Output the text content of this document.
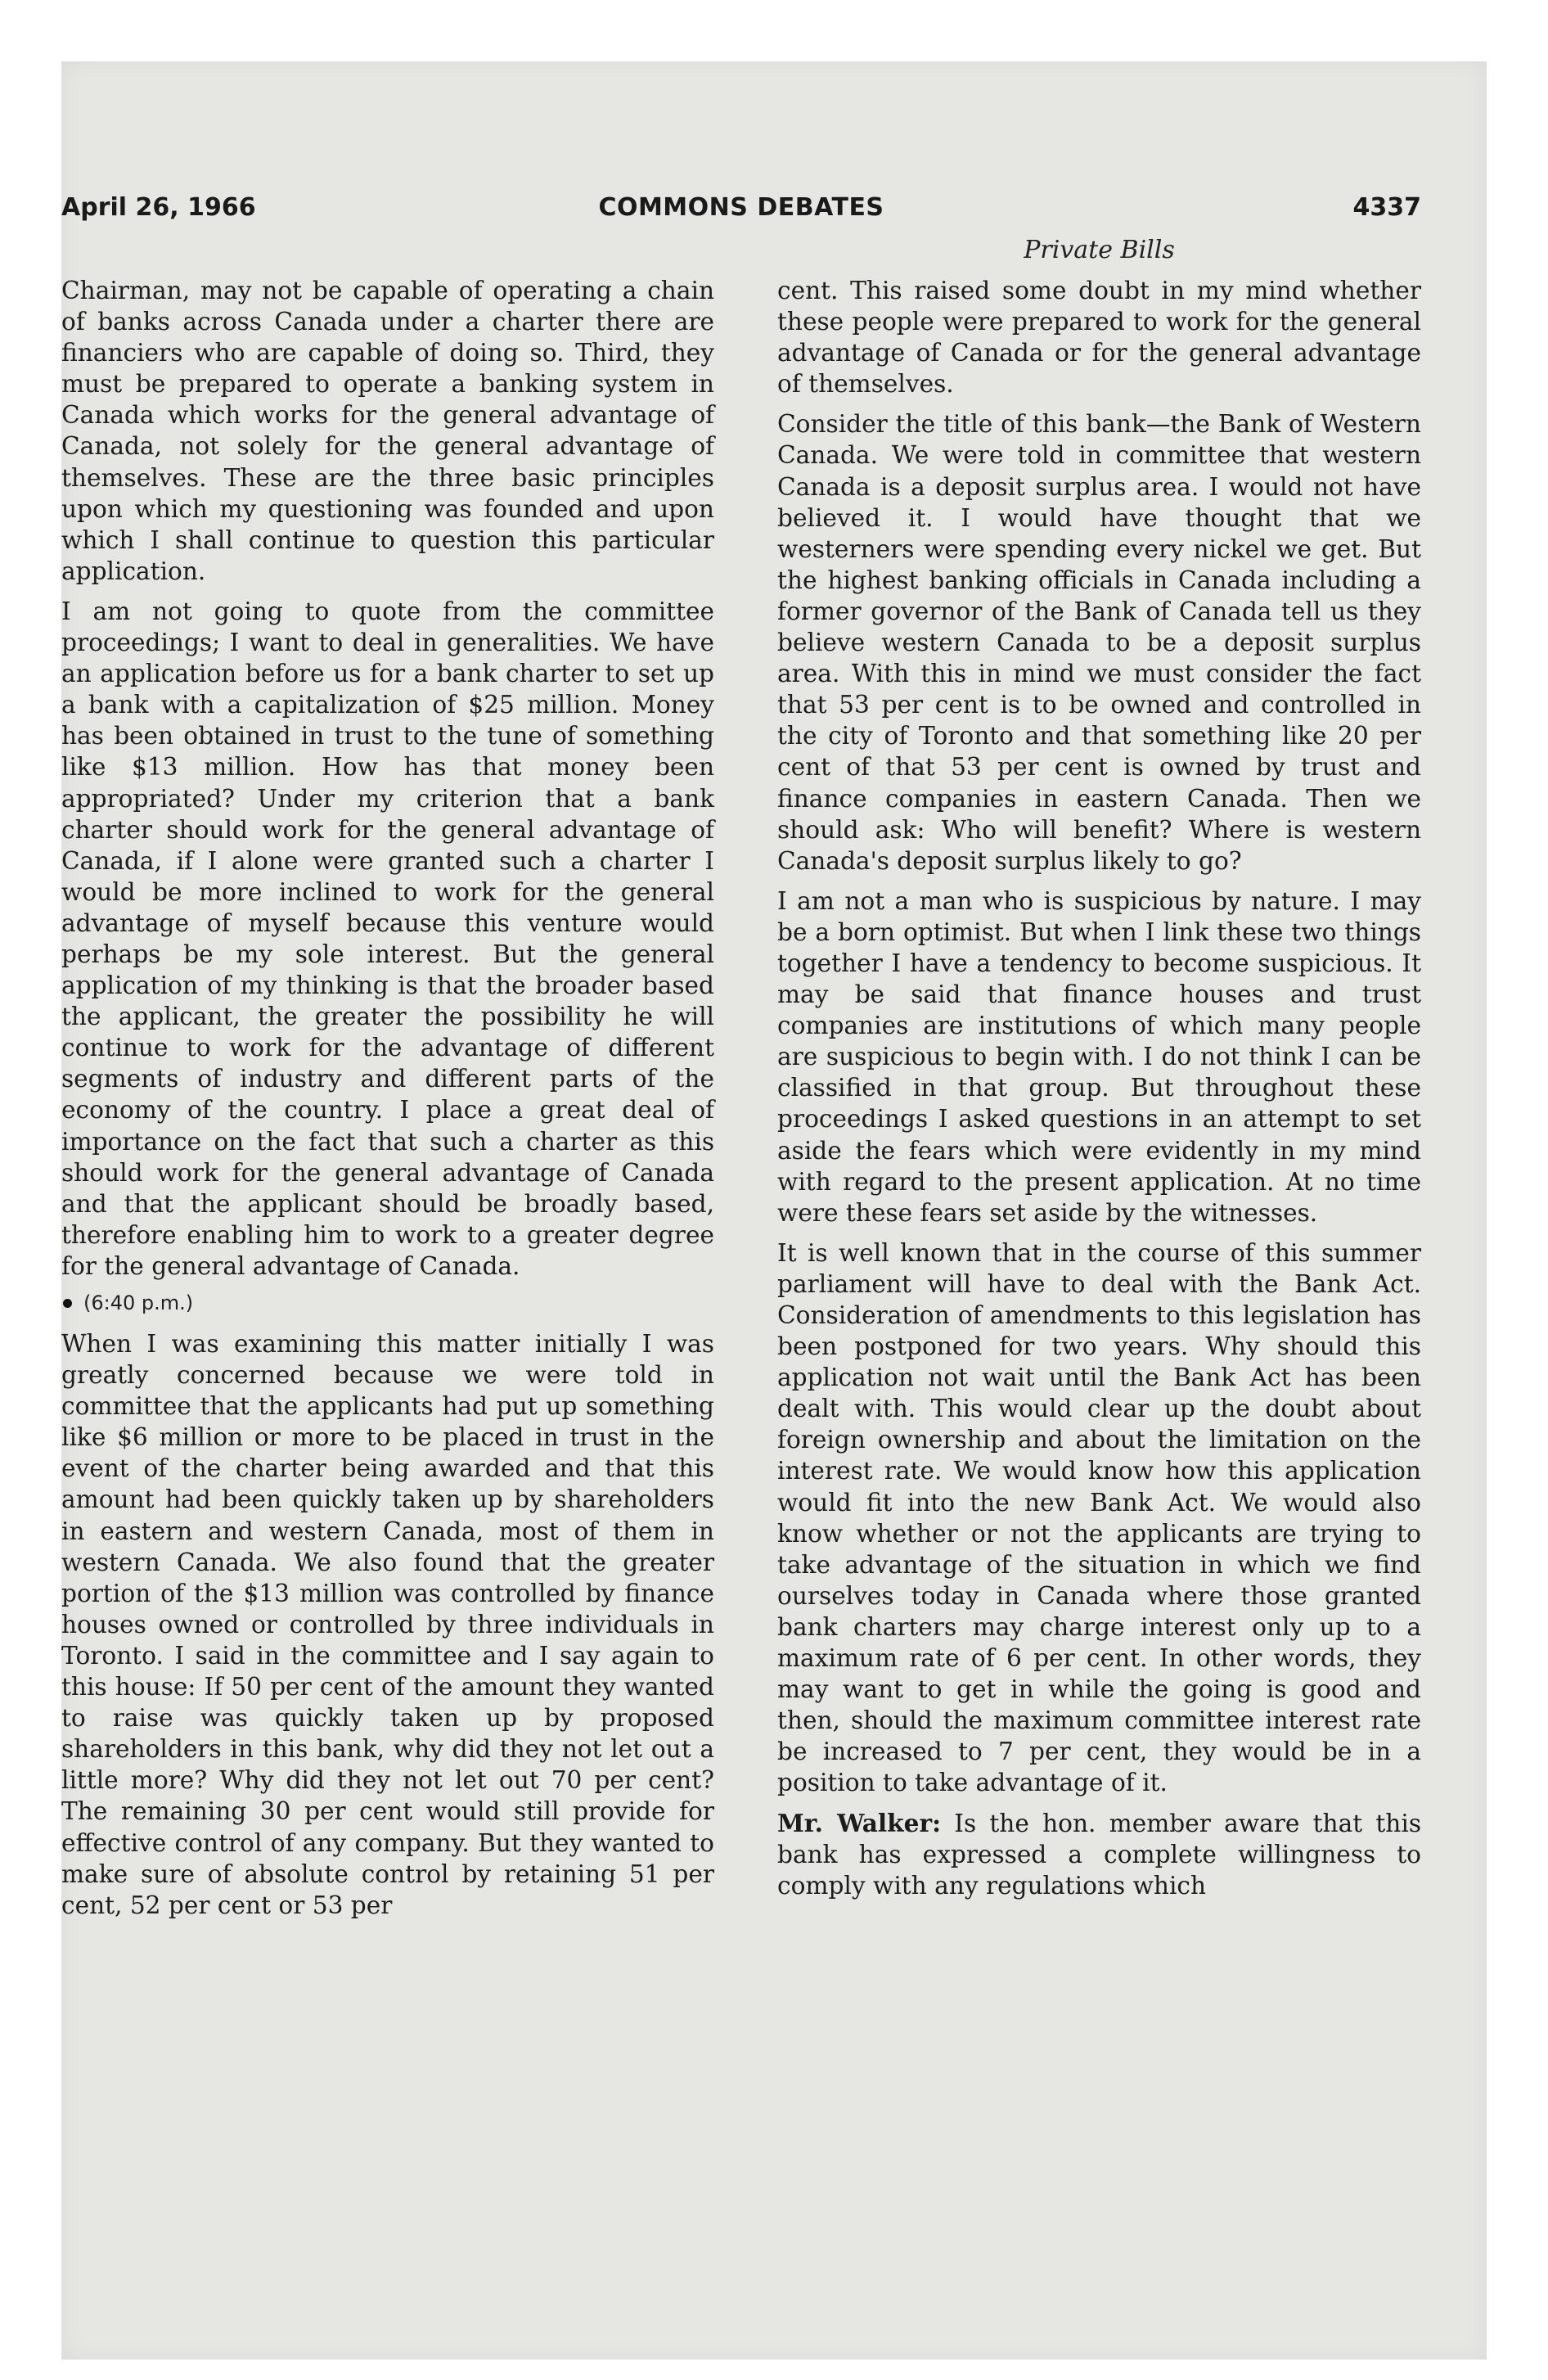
April 26, 1966	COMMONS DEBATES	4337
Private Bills

Chairman, may not be capable of operating a chain of banks across Canada under a charter there are financiers who are capable of doing so. Third, they must be prepared to operate a banking system in Canada which works for the general advantage of Canada, not solely for the general advantage of themselves. These are the three basic principles upon which my questioning was founded and upon which I shall continue to question this particular application.

I am not going to quote from the committee proceedings; I want to deal in generalities. We have an application before us for a bank charter to set up a bank with a capitalization of $25 million. Money has been obtained in trust to the tune of something like $13 million. How has that money been appropriated? Under my criterion that a bank charter should work for the general advantage of Canada, if I alone were granted such a charter I would be more inclined to work for the general advantage of myself because this venture would perhaps be my sole interest. But the general application of my thinking is that the broader based the applicant, the greater the possibility he will continue to work for the advantage of different segments of industry and different parts of the economy of the country. I place a great deal of importance on the fact that such a charter as this should work for the general advantage of Canada and that the applicant should be broadly based, therefore enabling him to work to a greater degree for the general advantage of Canada.

(6:40 p.m.)

When I was examining this matter initially I was greatly concerned because we were told in committee that the applicants had put up something like $6 million or more to be placed in trust in the event of the charter being awarded and that this amount had been quickly taken up by shareholders in eastern and western Canada, most of them in western Canada. We also found that the greater portion of the $13 million was controlled by finance houses owned or controlled by three individuals in Toronto. I said in the committee and I say again to this house: If 50 per cent of the amount they wanted to raise was quickly taken up by proposed shareholders in this bank, why did they not let out a little more? Why did they not let out 70 per cent? The remaining 30 per cent would still provide for effective control of any company. But they wanted to make sure of absolute control by retaining 51 per cent, 52 per cent or 53 per

cent. This raised some doubt in my mind whether these people were prepared to work for the general advantage of Canada or for the general advantage of themselves.

Consider the title of this bank—the Bank of Western Canada. We were told in committee that western Canada is a deposit surplus area. I would not have believed it. I would have thought that we westerners were spending every nickel we get. But the highest banking officials in Canada including a former governor of the Bank of Canada tell us they believe western Canada to be a deposit surplus area. With this in mind we must consider the fact that 53 per cent is to be owned and controlled in the city of Toronto and that something like 20 per cent of that 53 per cent is owned by trust and finance companies in eastern Canada. Then we should ask: Who will benefit? Where is western Canada's deposit surplus likely to go?

I am not a man who is suspicious by nature. I may be a born optimist. But when I link these two things together I have a tendency to become suspicious. It may be said that finance houses and trust companies are institutions of which many people are suspicious to begin with. I do not think I can be classified in that group. But throughout these proceedings I asked questions in an attempt to set aside the fears which were evidently in my mind with regard to the present application. At no time were these fears set aside by the witnesses.

It is well known that in the course of this summer parliament will have to deal with the Bank Act. Consideration of amendments to this legislation has been postponed for two years. Why should this application not wait until the Bank Act has been dealt with. This would clear up the doubt about foreign ownership and about the limitation on the interest rate. We would know how this application would fit into the new Bank Act. We would also know whether or not the applicants are trying to take advantage of the situation in which we find ourselves today in Canada where those granted bank charters may charge interest only up to a maximum rate of 6 per cent. In other words, they may want to get in while the going is good and then, should the maximum committee interest rate be increased to 7 per cent, they would be in a position to take advantage of it.

Mr. Walker: Is the hon. member aware that this bank has expressed a complete willingness to comply with any regulations which
